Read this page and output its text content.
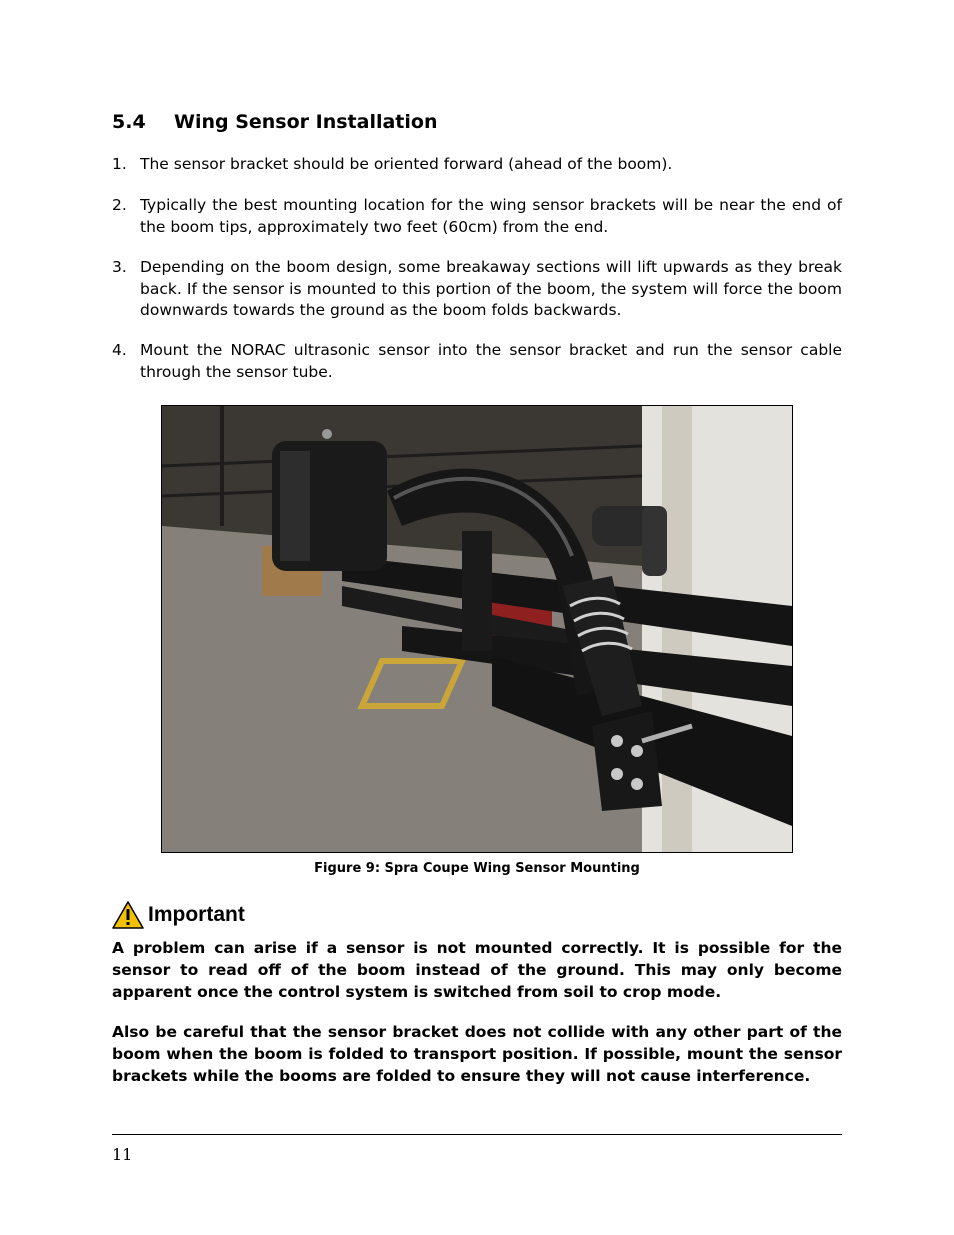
5.4 Wing Sensor Installation
1. The sensor bracket should be oriented forward (ahead of the boom).
2. Typically the best mounting location for the wing sensor brackets will be near the end of the boom tips, approximately two feet (60cm) from the end.
3. Depending on the boom design, some breakaway sections will lift upwards as they break back. If the sensor is mounted to this portion of the boom, the system will force the boom downwards towards the ground as the boom folds backwards.
4. Mount the NORAC ultrasonic sensor into the sensor bracket and run the sensor cable through the sensor tube.
Figure 9: Spra Coupe Wing Sensor Mounting
Important
A problem can arise if a sensor is not mounted correctly. It is possible for the sensor to read off of the boom instead of the ground. This may only become apparent once the control system is switched from soil to crop mode.
Also be careful that the sensor bracket does not collide with any other part of the boom when the boom is folded to transport position. If possible, mount the sensor brackets while the booms are folded to ensure they will not cause interference.
11
